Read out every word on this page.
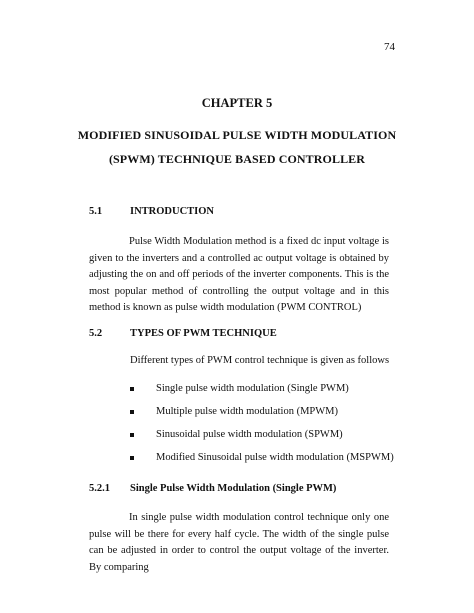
74
CHAPTER 5
MODIFIED SINUSOIDAL PULSE WIDTH MODULATION
(SPWM) TECHNIQUE BASED CONTROLLER
5.1	INTRODUCTION

Pulse Width Modulation method is a fixed dc input voltage is given to the inverters and a controlled ac output voltage is obtained by adjusting the on and off periods of the inverter components. This is the most popular method of controlling the output voltage and in this method is known as pulse width modulation (PWM CONTROL)

5.2	TYPES OF PWM TECHNIQUE
Different types of PWM control technique is given as follows
Single pulse width modulation (Single PWM)
Multiple pulse width modulation (MPWM)
Sinusoidal pulse width modulation (SPWM)
Modified Sinusoidal pulse width modulation (MSPWM)
5.2.1 Single Pulse Width Modulation (Single PWM)

In single pulse width modulation control technique only one pulse will be there for every half cycle. The width of the single pulse can be adjusted in order to control the output voltage of the inverter. By comparing
